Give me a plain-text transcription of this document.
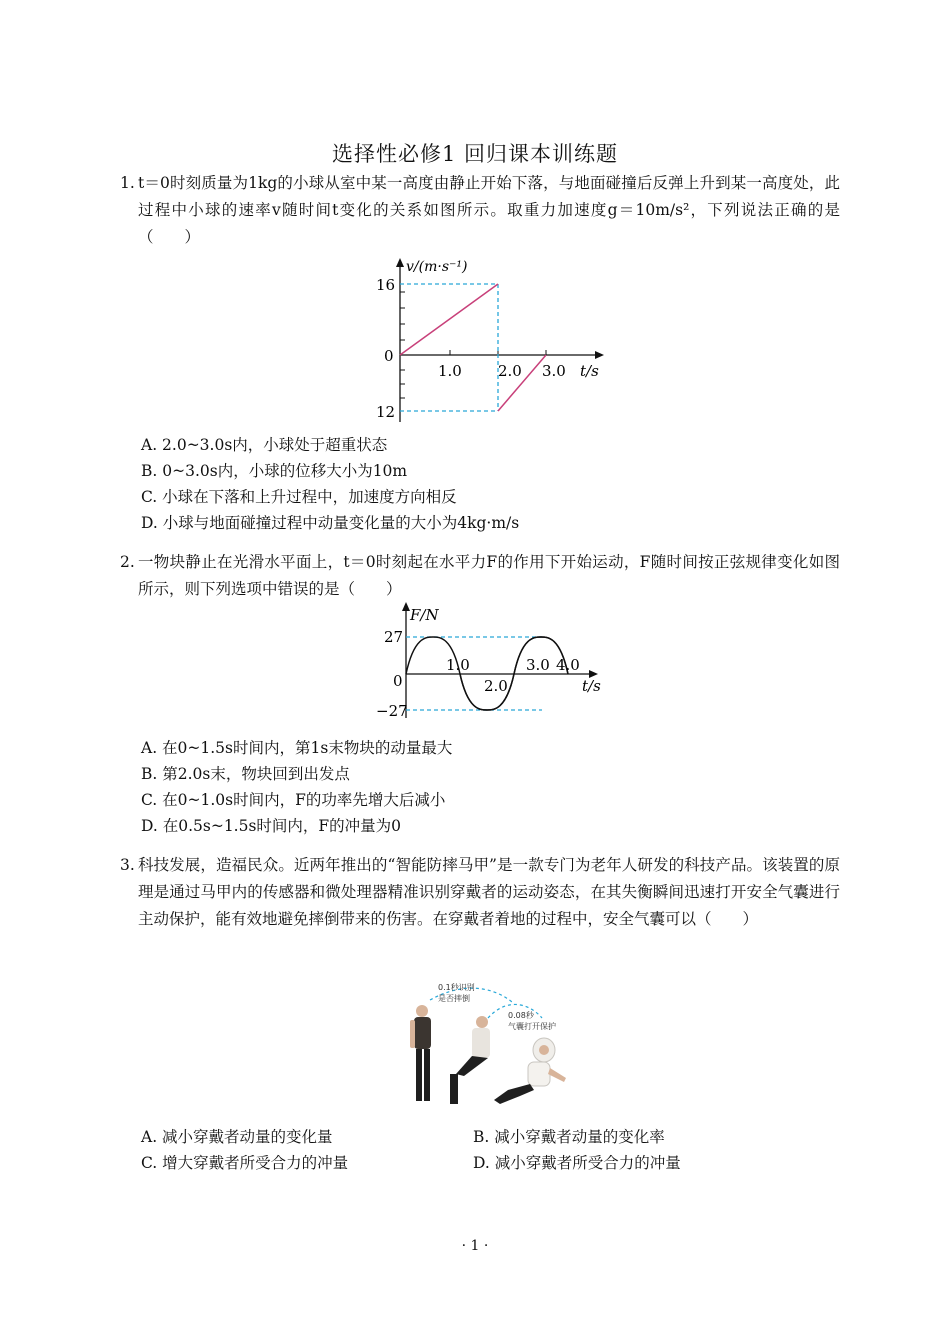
选择性必修1 回归课本训练题
1. t＝0时刻质量为1kg的小球从室中某一高度由静止开始下落，与地面碰撞后反弹上升到某一高度处，此过程中小球的速率v随时间t变化的关系如图所示。取重力加速度g＝10m/s²，下列说法正确的是（　　）
v/(m·s⁻¹)
16
0
12
1.0 2.0 3.0 t/s
A. 2.0~3.0s内，小球处于超重状态
B. 0~3.0s内，小球的位移大小为10m
C. 小球在下落和上升过程中，加速度方向相反
D. 小球与地面碰撞过程中动量变化量的大小为4kg·m/s
2. 一物块静止在光滑水平面上，t＝0时刻起在水平力F的作用下开始运动，F随时间按正弦规律变化如图所示，则下列选项中错误的是（　　）
F/N
27
0
−27
1.0
2.0
3.0 4.0
t/s
A. 在0~1.5s时间内，第1s末物块的动量最大
B. 第2.0s末，物块回到出发点
C. 在0~1.0s时间内，F的功率先增大后减小
D. 在0.5s~1.5s时间内，F的冲量为0
3. 科技发展，造福民众。近两年推出的“智能防摔马甲”是一款专门为老年人研发的科技产品。该装置的原理是通过马甲内的传感器和微处理器精准识别穿戴者的运动姿态，在其失衡瞬间迅速打开安全气囊进行主动保护，能有效地避免摔倒带来的伤害。在穿戴者着地的过程中，安全气囊可以（　　）
0.1秒识别
是否摔倒
0.08秒
气囊打开保护
A. 减小穿戴者动量的变化量	B. 减小穿戴者动量的变化率
C. 增大穿戴者所受合力的冲量	D. 减小穿戴者所受合力的冲量
· 1 ·
